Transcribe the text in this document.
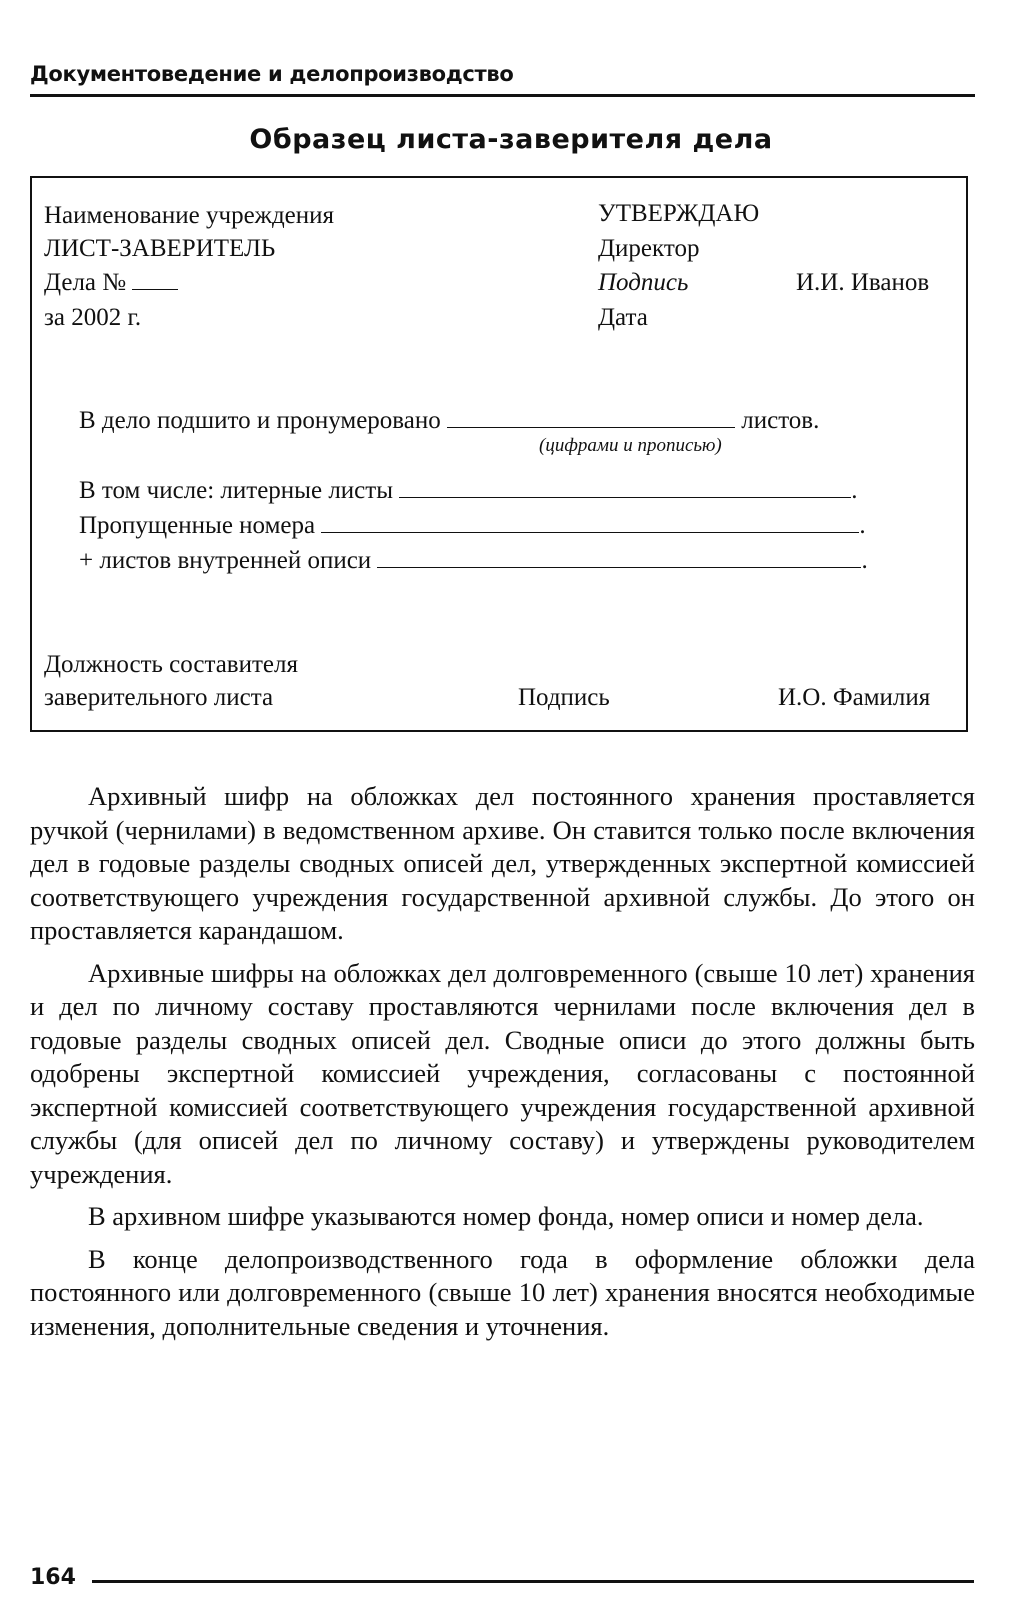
Документоведение и делопроизводство
Образец листа-заверителя дела
Наименование учреждения
ЛИСТ-ЗАВЕРИТЕЛЬ
Дела №
за 2002 г.
УТВЕРЖДАЮ
Директор
Подпись	И.И. Иванов
Дата
В дело подшито и пронумеровано	листов.
(цифрами и прописью)
В том числе: литерные листы	.
Пропущенные номера	.
+ листов внутренней описи	.
Должность составителя
заверительного листа	Подпись	И.О. Фамилия

Архивный шифр на обложках дел постоянного хранения проставляется ручкой (чернилами) в ведомственном архиве. Он ставится только после включения дел в годовые разделы сводных описей дел, утвержденных экспертной комиссией соответствующего учреждения государственной архивной службы. До этого он проставляется карандашом.

Архивные шифры на обложках дел долговременного (свыше 10 лет) хранения и дел по личному составу проставляются чернилами после включения дел в годовые разделы сводных описей дел. Сводные описи до этого должны быть одобрены экспертной комиссией учреждения, согласованы с постоянной экспертной комиссией соответствующего учреждения государственной архивной службы (для описей дел по личному составу) и утверждены руководителем учреждения.

В архивном шифре указываются номер фонда, номер описи и номер дела.

В конце делопроизводственного года в оформление обложки дела постоянного или долговременного (свыше 10 лет) хранения вносятся необходимые изменения, дополнительные сведения и уточнения.

164
